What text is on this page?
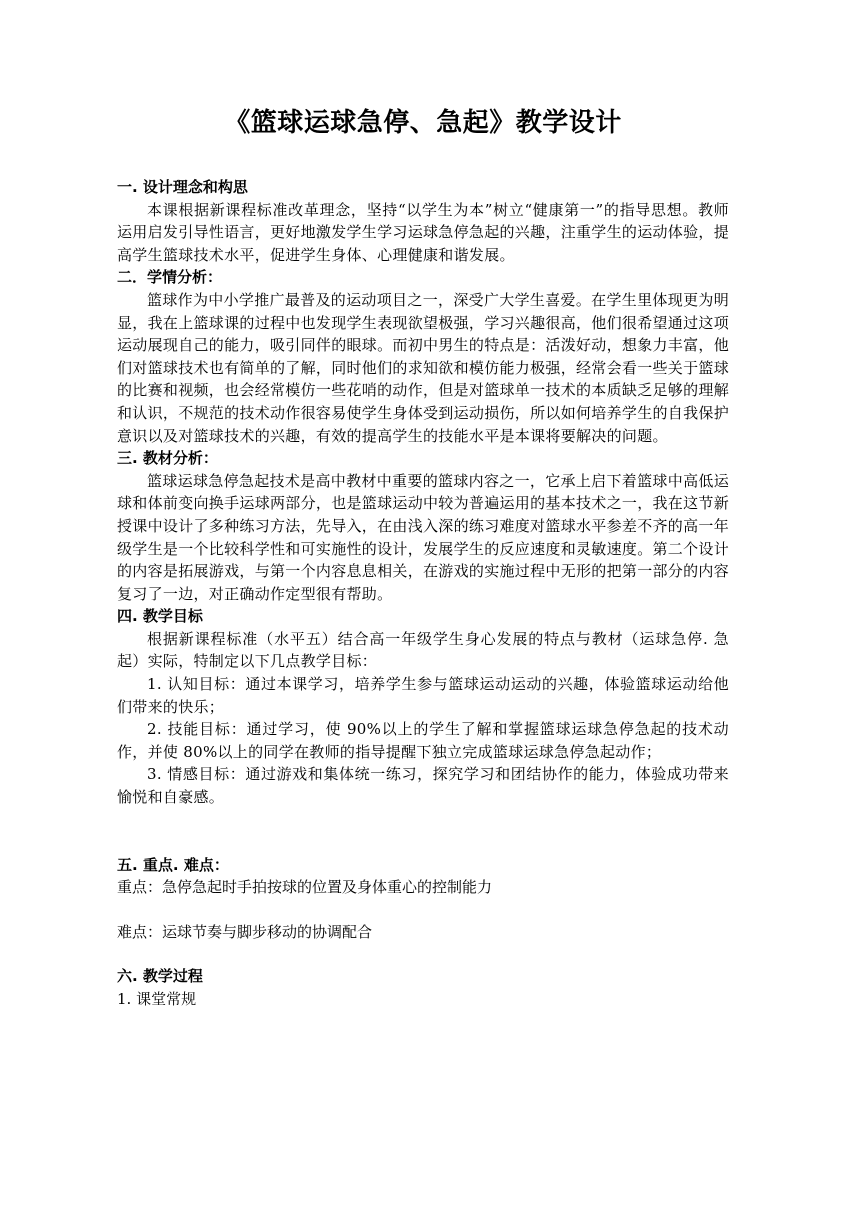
《篮球运球急停、急起》教学设计

一. 设计理念和构思

本课根据新课程标准改革理念，坚持“以学生为本”树立“健康第一”的指导思想。教师运用启发引导性语言，更好地激发学生学习运球急停急起的兴趣，注重学生的运动体验，提高学生篮球技术水平，促进学生身体、心理健康和谐发展。

二．学情分析：

篮球作为中小学推广最普及的运动项目之一，深受广大学生喜爱。在学生里体现更为明显，我在上篮球课的过程中也发现学生表现欲望极强，学习兴趣很高，他们很希望通过这项运动展现自己的能力，吸引同伴的眼球。而初中男生的特点是：活泼好动，想象力丰富，他们对篮球技术也有简单的了解，同时他们的求知欲和模仿能力极强，经常会看一些关于篮球的比赛和视频，也会经常模仿一些花哨的动作，但是对篮球单一技术的本质缺乏足够的理解和认识，不规范的技术动作很容易使学生身体受到运动损伤，所以如何培养学生的自我保护意识以及对篮球技术的兴趣，有效的提高学生的技能水平是本课将要解决的问题。

三. 教材分析：

篮球运球急停急起技术是高中教材中重要的篮球内容之一，它承上启下着篮球中高低运球和体前变向换手运球两部分，也是篮球运动中较为普遍运用的基本技术之一，我在这节新授课中设计了多种练习方法，先导入，在由浅入深的练习难度对篮球水平参差不齐的高一年级学生是一个比较科学性和可实施性的设计，发展学生的反应速度和灵敏速度。第二个设计的内容是拓展游戏，与第一个内容息息相关，在游戏的实施过程中无形的把第一部分的内容复习了一边，对正确动作定型很有帮助。

四. 教学目标

根据新课程标准（水平五）结合高一年级学生身心发展的特点与教材（运球急停. 急起）实际，特制定以下几点教学目标：

1. 认知目标：通过本课学习，培养学生参与篮球运动运动的兴趣，体验篮球运动给他们带来的快乐；

2. 技能目标：通过学习，使 90%以上的学生了解和掌握篮球运球急停急起的技术动作，并使 80%以上的同学在教师的指导提醒下独立完成篮球运球急停急起动作；

3. 情感目标：通过游戏和集体统一练习，探究学习和团结协作的能力，体验成功带来愉悦和自豪感。

五. 重点. 难点：

重点：急停急起时手拍按球的位置及身体重心的控制能力

难点：运球节奏与脚步移动的协调配合

六. 教学过程

1. 课堂常规
